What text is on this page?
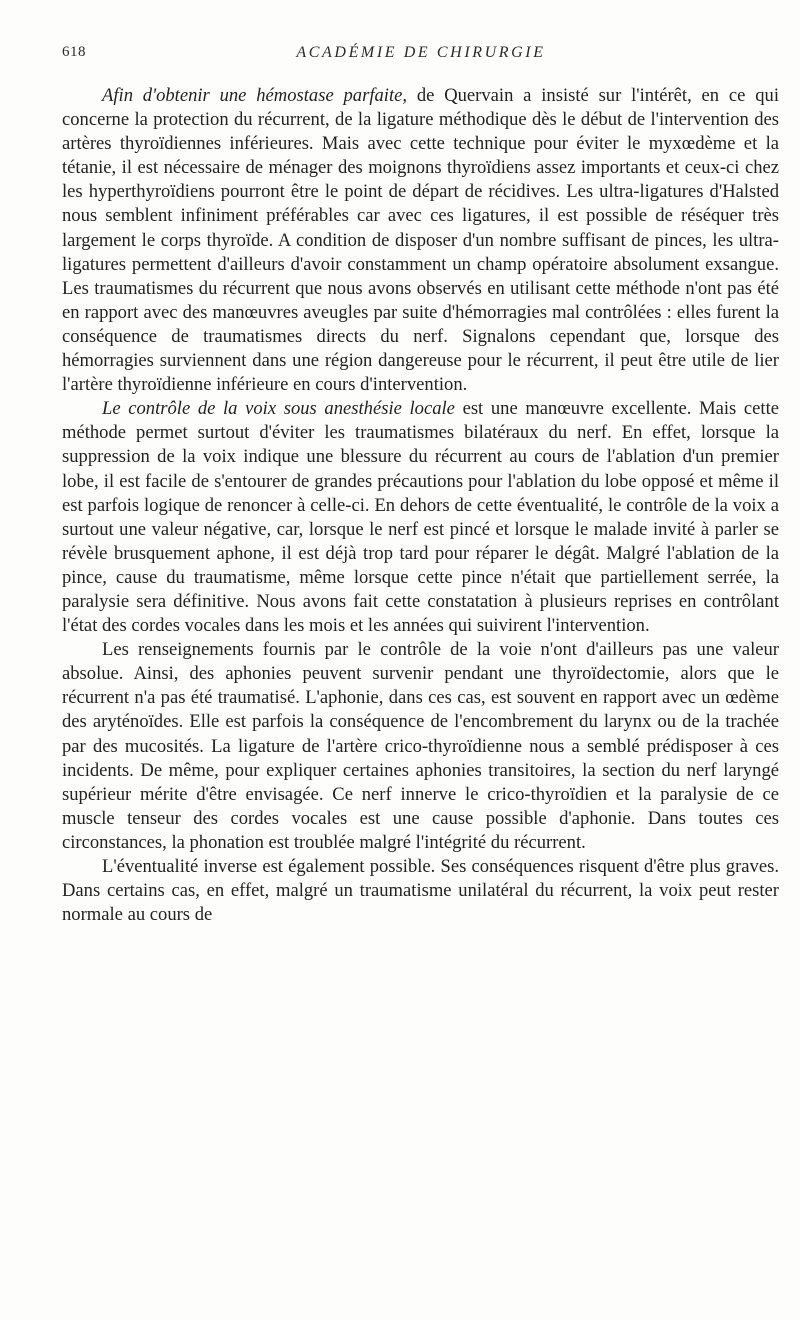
618	ACADÉMIE DE CHIRURGIE

Afin d'obtenir une hémostase parfaite, de Quervain a insisté sur l'intérêt, en ce qui concerne la protection du récurrent, de la ligature méthodique dès le début de l'intervention des artères thyroïdiennes inférieures. Mais avec cette technique pour éviter le myxœdème et la tétanie, il est nécessaire de ménager des moignons thyroïdiens assez importants et ceux-ci chez les hyperthyroïdiens pourront être le point de départ de récidives. Les ultra-ligatures d'Halsted nous semblent infiniment préférables car avec ces ligatures, il est possible de réséquer très largement le corps thyroïde. A condition de disposer d'un nombre suffisant de pinces, les ultra-ligatures permettent d'ailleurs d'avoir constamment un champ opératoire absolument exsangue. Les traumatismes du récurrent que nous avons observés en utilisant cette méthode n'ont pas été en rapport avec des manœuvres aveugles par suite d'hémorragies mal contrôlées : elles furent la conséquence de traumatismes directs du nerf. Signalons cependant que, lorsque des hémorragies surviennent dans une région dangereuse pour le récurrent, il peut être utile de lier l'artère thyroïdienne inférieure en cours d'intervention.

Le contrôle de la voix sous anesthésie locale est une manœuvre excellente. Mais cette méthode permet surtout d'éviter les traumatismes bilatéraux du nerf. En effet, lorsque la suppression de la voix indique une blessure du récurrent au cours de l'ablation d'un premier lobe, il est facile de s'entourer de grandes précautions pour l'ablation du lobe opposé et même il est parfois logique de renoncer à celle-ci. En dehors de cette éventualité, le contrôle de la voix a surtout une valeur négative, car, lorsque le nerf est pincé et lorsque le malade invité à parler se révèle brusquement aphone, il est déjà trop tard pour réparer le dégât. Malgré l'ablation de la pince, cause du traumatisme, même lorsque cette pince n'était que partiellement serrée, la paralysie sera définitive. Nous avons fait cette constatation à plusieurs reprises en contrôlant l'état des cordes vocales dans les mois et les années qui suivirent l'intervention.

Les renseignements fournis par le contrôle de la voie n'ont d'ailleurs pas une valeur absolue. Ainsi, des aphonies peuvent survenir pendant une thyroïdectomie, alors que le récurrent n'a pas été traumatisé. L'aphonie, dans ces cas, est souvent en rapport avec un œdème des aryténoïdes. Elle est parfois la conséquence de l'encombrement du larynx ou de la trachée par des mucosités. La ligature de l'artère crico-thyroïdienne nous a semblé prédisposer à ces incidents. De même, pour expliquer certaines aphonies transitoires, la section du nerf laryngé supérieur mérite d'être envisagée. Ce nerf innerve le crico-thyroïdien et la paralysie de ce muscle tenseur des cordes vocales est une cause possible d'aphonie. Dans toutes ces circonstances, la phonation est troublée malgré l'intégrité du récurrent.

L'éventualité inverse est également possible. Ses conséquences risquent d'être plus graves. Dans certains cas, en effet, malgré un traumatisme unilatéral du récurrent, la voix peut rester normale au cours de
